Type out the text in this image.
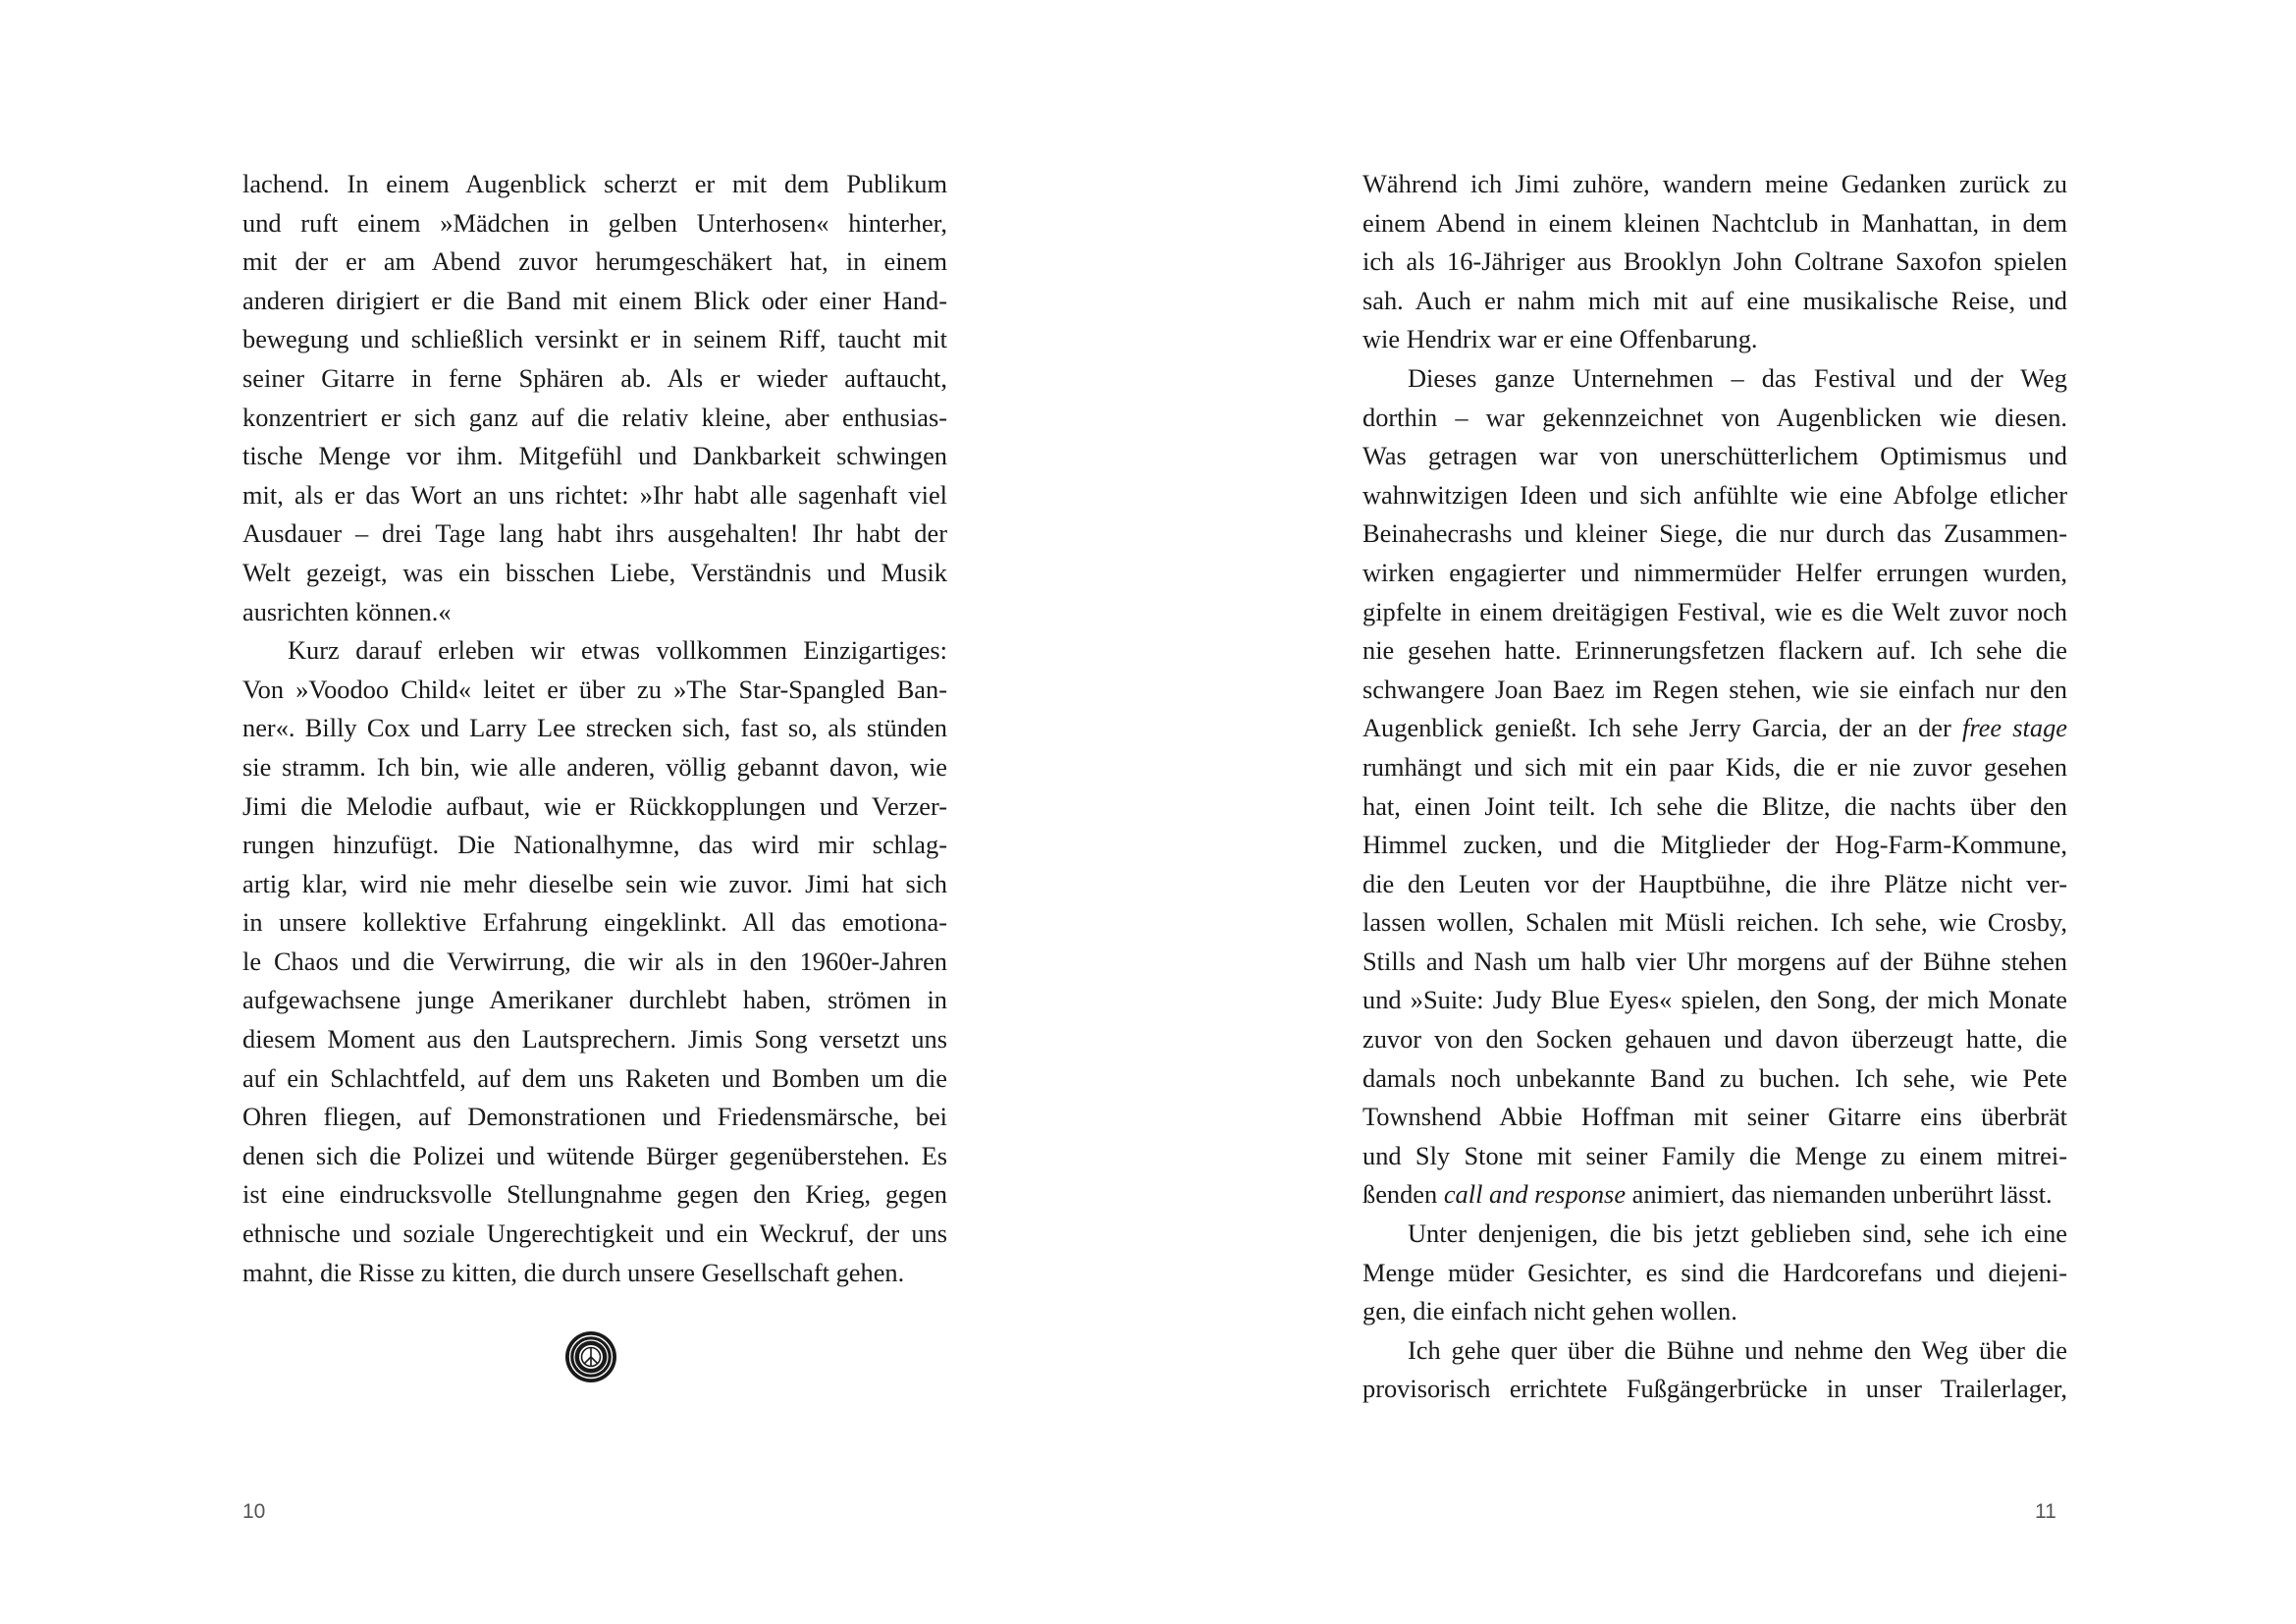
lachend. In einem Augenblick scherzt er mit dem Publikum
und ruft einem »Mädchen in gelben Unterhosen« hinterher,
mit der er am Abend zuvor herumgeschäkert hat, in einem
anderen dirigiert er die Band mit einem Blick oder einer Hand-
bewegung und schließlich versinkt er in seinem Riff, taucht mit
seiner Gitarre in ferne Sphären ab. Als er wieder auftaucht,
konzentriert er sich ganz auf die relativ kleine, aber enthusias-
tische Menge vor ihm. Mitgefühl und Dankbarkeit schwingen
mit, als er das Wort an uns richtet: »Ihr habt alle sagenhaft viel
Ausdauer – drei Tage lang habt ihrs ausgehalten! Ihr habt der
Welt gezeigt, was ein bisschen Liebe, Verständnis und Musik
ausrichten können.«
Kurz darauf erleben wir etwas vollkommen Einzigartiges:
Von »Voodoo Child« leitet er über zu »The Star-Spangled Ban-
ner«. Billy Cox und Larry Lee strecken sich, fast so, als stünden
sie stramm. Ich bin, wie alle anderen, völlig gebannt davon, wie
Jimi die Melodie aufbaut, wie er Rückkopplungen und Verzer-
rungen hinzufügt. Die Nationalhymne, das wird mir schlag-
artig klar, wird nie mehr dieselbe sein wie zuvor. Jimi hat sich
in unsere kollektive Erfahrung eingeklinkt. All das emotiona-
le Chaos und die Verwirrung, die wir als in den 1960er-Jahren
aufgewachsene junge Amerikaner durchlebt haben, strömen in
diesem Moment aus den Lautsprechern. Jimis Song versetzt uns
auf ein Schlachtfeld, auf dem uns Raketen und Bomben um die
Ohren fliegen, auf Demonstrationen und Friedensmärsche, bei
denen sich die Polizei und wütende Bürger gegenüberstehen. Es
ist eine eindrucksvolle Stellungnahme gegen den Krieg, gegen
ethnische und soziale Ungerechtigkeit und ein Weckruf, der uns
mahnt, die Risse zu kitten, die durch unsere Gesellschaft gehen.
10
Während ich Jimi zuhöre, wandern meine Gedanken zurück zu
einem Abend in einem kleinen Nachtclub in Manhattan, in dem
ich als 16-Jähriger aus Brooklyn John Coltrane Saxofon spielen
sah. Auch er nahm mich mit auf eine musikalische Reise, und
wie Hendrix war er eine Offenbarung.
Dieses ganze Unternehmen – das Festival und der Weg
dorthin – war gekennzeichnet von Augenblicken wie diesen.
Was getragen war von unerschütterlichem Optimismus und
wahnwitzigen Ideen und sich anfühlte wie eine Abfolge etlicher
Beinahecrashs und kleiner Siege, die nur durch das Zusammen-
wirken engagierter und nimmermüder Helfer errungen wurden,
gipfelte in einem dreitägigen Festival, wie es die Welt zuvor noch
nie gesehen hatte. Erinnerungsfetzen flackern auf. Ich sehe die
schwangere Joan Baez im Regen stehen, wie sie einfach nur den
Augenblick genießt. Ich sehe Jerry Garcia, der an der free stage
rumhängt und sich mit ein paar Kids, die er nie zuvor gesehen
hat, einen Joint teilt. Ich sehe die Blitze, die nachts über den
Himmel zucken, und die Mitglieder der Hog-Farm-Kommune,
die den Leuten vor der Hauptbühne, die ihre Plätze nicht ver-
lassen wollen, Schalen mit Müsli reichen. Ich sehe, wie Crosby,
Stills and Nash um halb vier Uhr morgens auf der Bühne stehen
und »Suite: Judy Blue Eyes« spielen, den Song, der mich Monate
zuvor von den Socken gehauen und davon überzeugt hatte, die
damals noch unbekannte Band zu buchen. Ich sehe, wie Pete
Townshend Abbie Hoffman mit seiner Gitarre eins überbrät
und Sly Stone mit seiner Family die Menge zu einem mitrei-
ßenden call and response animiert, das niemanden unberührt lässt.
Unter denjenigen, die bis jetzt geblieben sind, sehe ich eine
Menge müder Gesichter, es sind die Hardcorefans und diejeni-
gen, die einfach nicht gehen wollen.
Ich gehe quer über die Bühne und nehme den Weg über die
provisorisch errichtete Fußgängerbrücke in unser Trailerlager,
11
